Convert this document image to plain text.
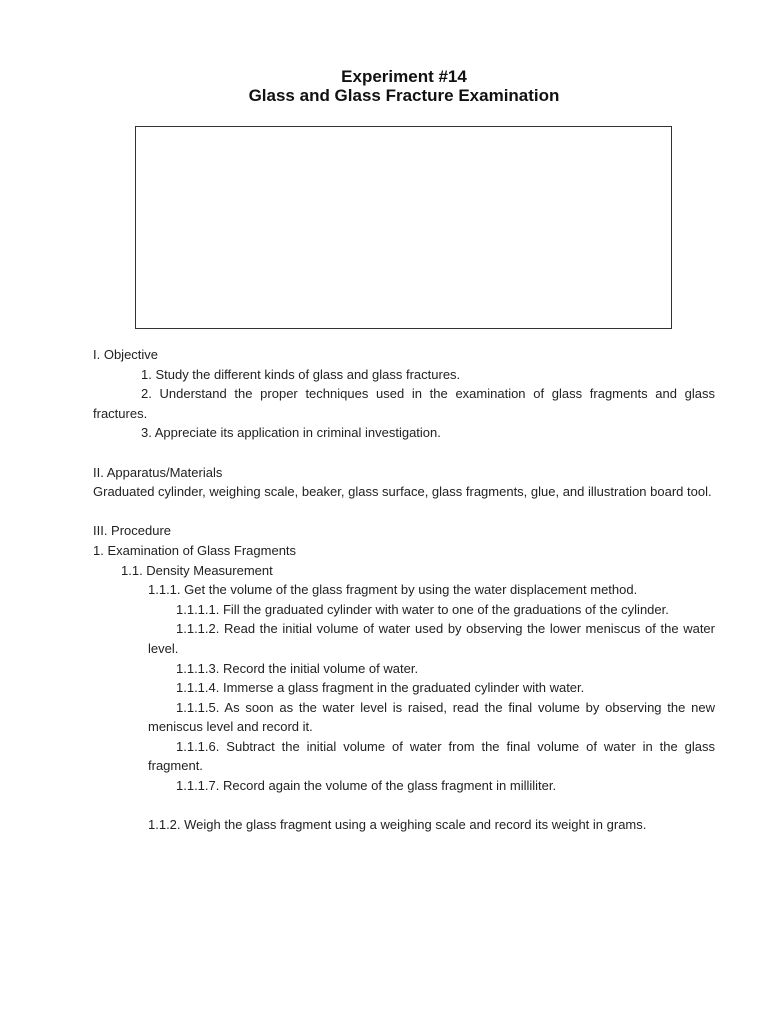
Experiment #14
Glass and Glass Fracture Examination

I. Objective

1. Study the different kinds of glass and glass fractures.

2. Understand the proper techniques used in the examination of glass fragments and glass fractures.

3. Appreciate its application in criminal investigation.

II. Apparatus/Materials

Graduated cylinder, weighing scale, beaker, glass surface, glass fragments, glue, and illustration board tool.

III. Procedure

1. Examination of Glass Fragments

1.1. Density Measurement

1.1.1. Get the volume of the glass fragment by using the water displacement method.

1.1.1.1. Fill the graduated cylinder with water to one of the graduations of the cylinder.

1.1.1.2. Read the initial volume of water used by observing the lower meniscus of the water level.

1.1.1.3. Record the initial volume of water.

1.1.1.4. Immerse a glass fragment in the graduated cylinder with water.

1.1.1.5. As soon as the water level is raised, read the final volume by observing the new meniscus level and record it.

1.1.1.6. Subtract the initial volume of water from the final volume of water in the glass fragment.

1.1.1.7. Record again the volume of the glass fragment in milliliter.

1.1.2. Weigh the glass fragment using a weighing scale and record its weight in grams.
